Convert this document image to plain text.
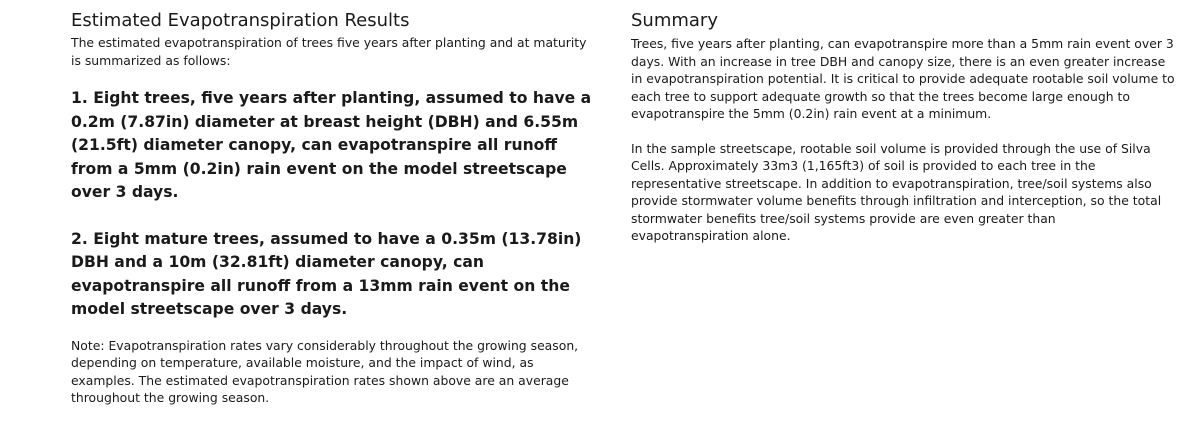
Estimated Evapotranspiration Results

The estimated evapotranspiration of trees five years after planting and at maturity is summarized as follows:

1. Eight trees, five years after planting, assumed to have a 0.2m (7.87in) diameter at breast height (DBH) and 6.55m (21.5ft) diameter canopy, can evapotranspire all runoff from a 5mm (0.2in) rain event on the model streetscape over 3 days.

2. Eight mature trees, assumed to have a 0.35m (13.78in) DBH and a 10m (32.81ft) diameter canopy, can evapotranspire all runoff from a 13mm rain event on the model streetscape over 3 days.

Note: Evapotranspiration rates vary considerably throughout the growing season, depending on temperature, available moisture, and the impact of wind, as examples. The estimated evapotranspiration rates shown above are an average throughout the growing season.

Summary

Trees, five years after planting, can evapotranspire more than a 5mm rain event over 3 days. With an increase in tree DBH and canopy size, there is an even greater increase in evapotranspiration potential. It is critical to provide adequate rootable soil volume to each tree to support adequate growth so that the trees become large enough to evapotranspire the 5mm (0.2in) rain event at a minimum.

In the sample streetscape, rootable soil volume is provided through the use of Silva Cells. Approximately 33m3 (1,165ft3) of soil is provided to each tree in the representative streetscape. In addition to evapotranspiration, tree/soil systems also provide stormwater volume benefits through infiltration and interception, so the total stormwater benefits tree/soil systems provide are even greater than evapotranspiration alone.
